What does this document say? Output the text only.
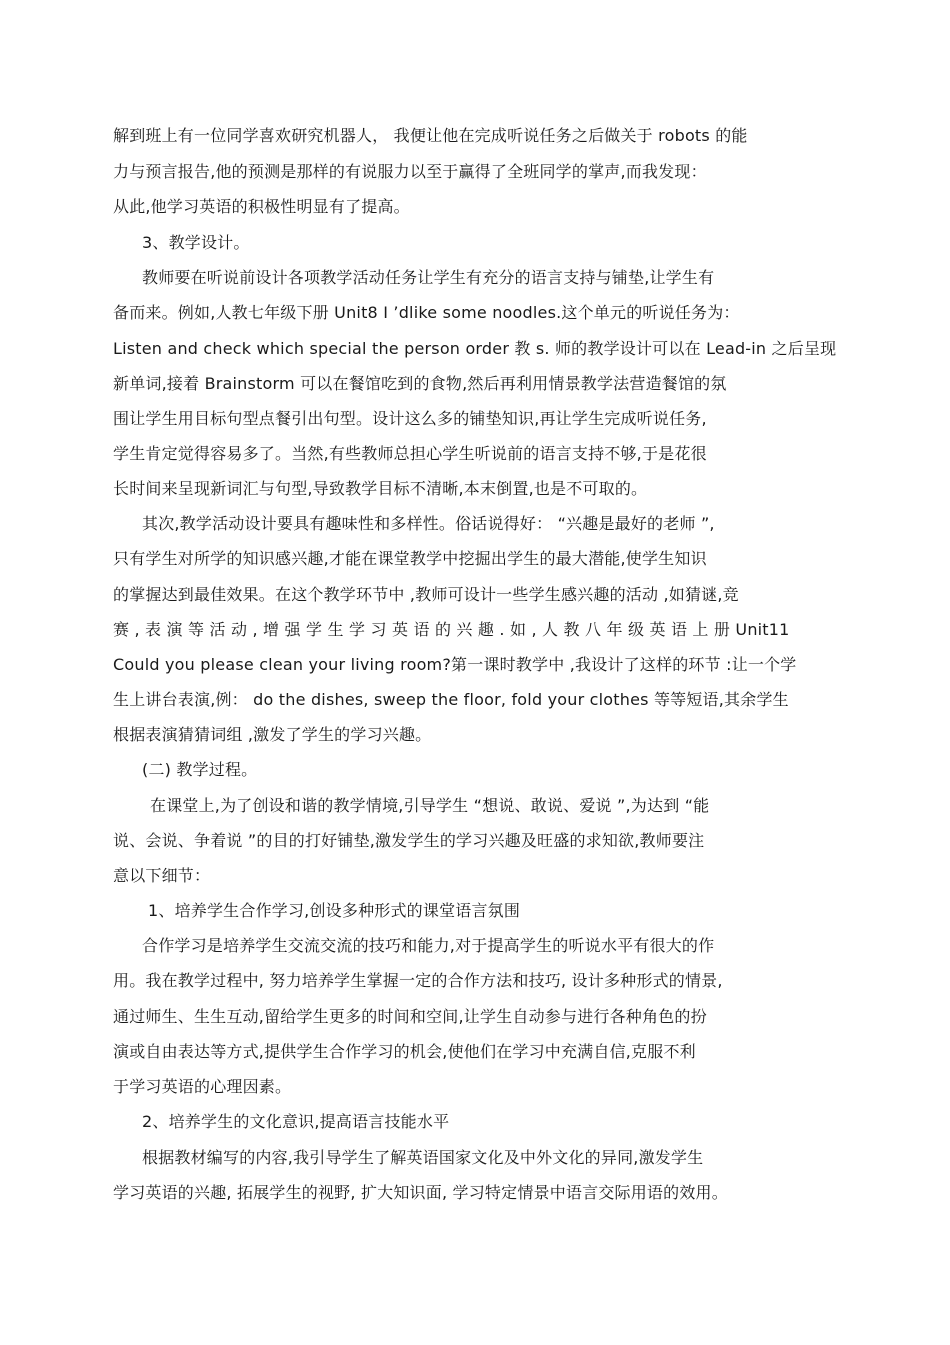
解到班上有一位同学喜欢研究机器人， 我便让他在完成听说任务之后做关于 robots 的能
力与预言报告,他的预测是那样的有说服力以至于赢得了全班同学的掌声,而我发现：
从此,他学习英语的积极性明显有了提高。
3、教学设计。
教师要在听说前设计各项教学活动任务让学生有充分的语言支持与铺垫,让学生有
备而来。例如,人教七年级下册 Unit8 I ’dlike some noodles.这个单元的听说任务为：
Listen and check which special the person order 教 s. 师的教学设计可以在 Lead-in 之后呈现
新单词,接着 Brainstorm 可以在餐馆吃到的食物,然后再利用情景教学法营造餐馆的氛
围让学生用目标句型点餐引出句型。设计这么多的铺垫知识,再让学生完成听说任务,
学生肯定觉得容易多了。当然,有些教师总担心学生听说前的语言支持不够,于是花很
长时间来呈现新词汇与句型,导致教学目标不清晰,本末倒置,也是不可取的。
其次,教学活动设计要具有趣味性和多样性。俗话说得好： “兴趣是最好的老师 ”,
只有学生对所学的知识感兴趣,才能在课堂教学中挖掘出学生的最大潜能,使学生知识
的掌握达到最佳效果。在这个教学环节中 ,教师可设计一些学生感兴趣的活动 ,如猜谜,竞
赛 , 表 演 等 活 动 , 增 强 学 生 学 习 英 语 的 兴 趣 . 如 , 人 教 八 年 级 英 语 上 册 Unit11
Could you please clean your living room?第一课时教学中 ,我设计了这样的环节 :让一个学
生上讲台表演,例： do the dishes, sweep the floor, fold your clothes 等等短语,其余学生
根据表演猜猜词组 ,激发了学生的学习兴趣。
(二) 教学过程。
在课堂上,为了创设和谐的教学情境,引导学生 “想说、敢说、爱说 ”,为达到 “能
说、会说、争着说 ”的目的打好铺垫,激发学生的学习兴趣及旺盛的求知欲,教师要注
意以下细节：
1、培养学生合作学习,创设多种形式的课堂语言氛围
合作学习是培养学生交流交流的技巧和能力,对于提高学生的听说水平有很大的作
用。我在教学过程中, 努力培养学生掌握一定的合作方法和技巧, 设计多种形式的情景,
通过师生、生生互动,留给学生更多的时间和空间,让学生自动参与进行各种角色的扮
演或自由表达等方式,提供学生合作学习的机会,使他们在学习中充满自信,克服不利
于学习英语的心理因素。
2、培养学生的文化意识,提高语言技能水平
根据教材编写的内容,我引导学生了解英语国家文化及中外文化的异同,激发学生
学习英语的兴趣, 拓展学生的视野, 扩大知识面, 学习特定情景中语言交际用语的效用。
